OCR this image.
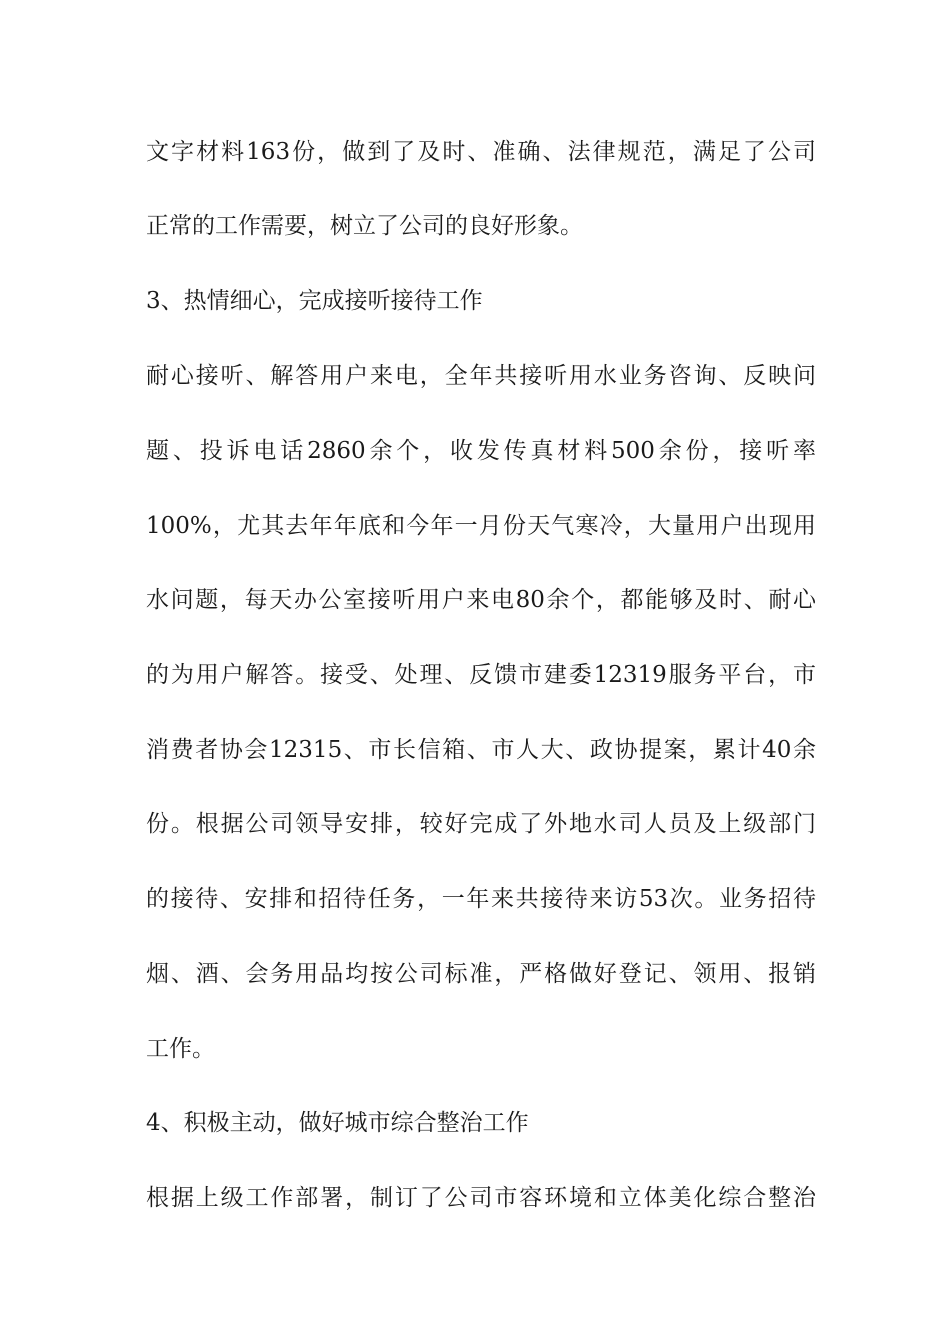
文字材料163份，做到了及时、准确、法律规范，满足了公司
正常的工作需要，树立了公司的良好形象。
3、热情细心，完成接听接待工作
耐心接听、解答用户来电，全年共接听用水业务咨询、反映问
题、投诉电话2860余个，收发传真材料500余份，接听率
100%，尤其去年年底和今年一月份天气寒冷，大量用户出现用
水问题，每天办公室接听用户来电80余个，都能够及时、耐心
的为用户解答。接受、处理、反馈市建委12319服务平台，市
消费者协会12315、市长信箱、市人大、政协提案，累计40余
份。根据公司领导安排，较好完成了外地水司人员及上级部门
的接待、安排和招待任务，一年来共接待来访53次。业务招待
烟、酒、会务用品均按公司标准，严格做好登记、领用、报销
工作。
4、积极主动，做好城市综合整治工作
根据上级工作部署，制订了公司市容环境和立体美化综合整治
